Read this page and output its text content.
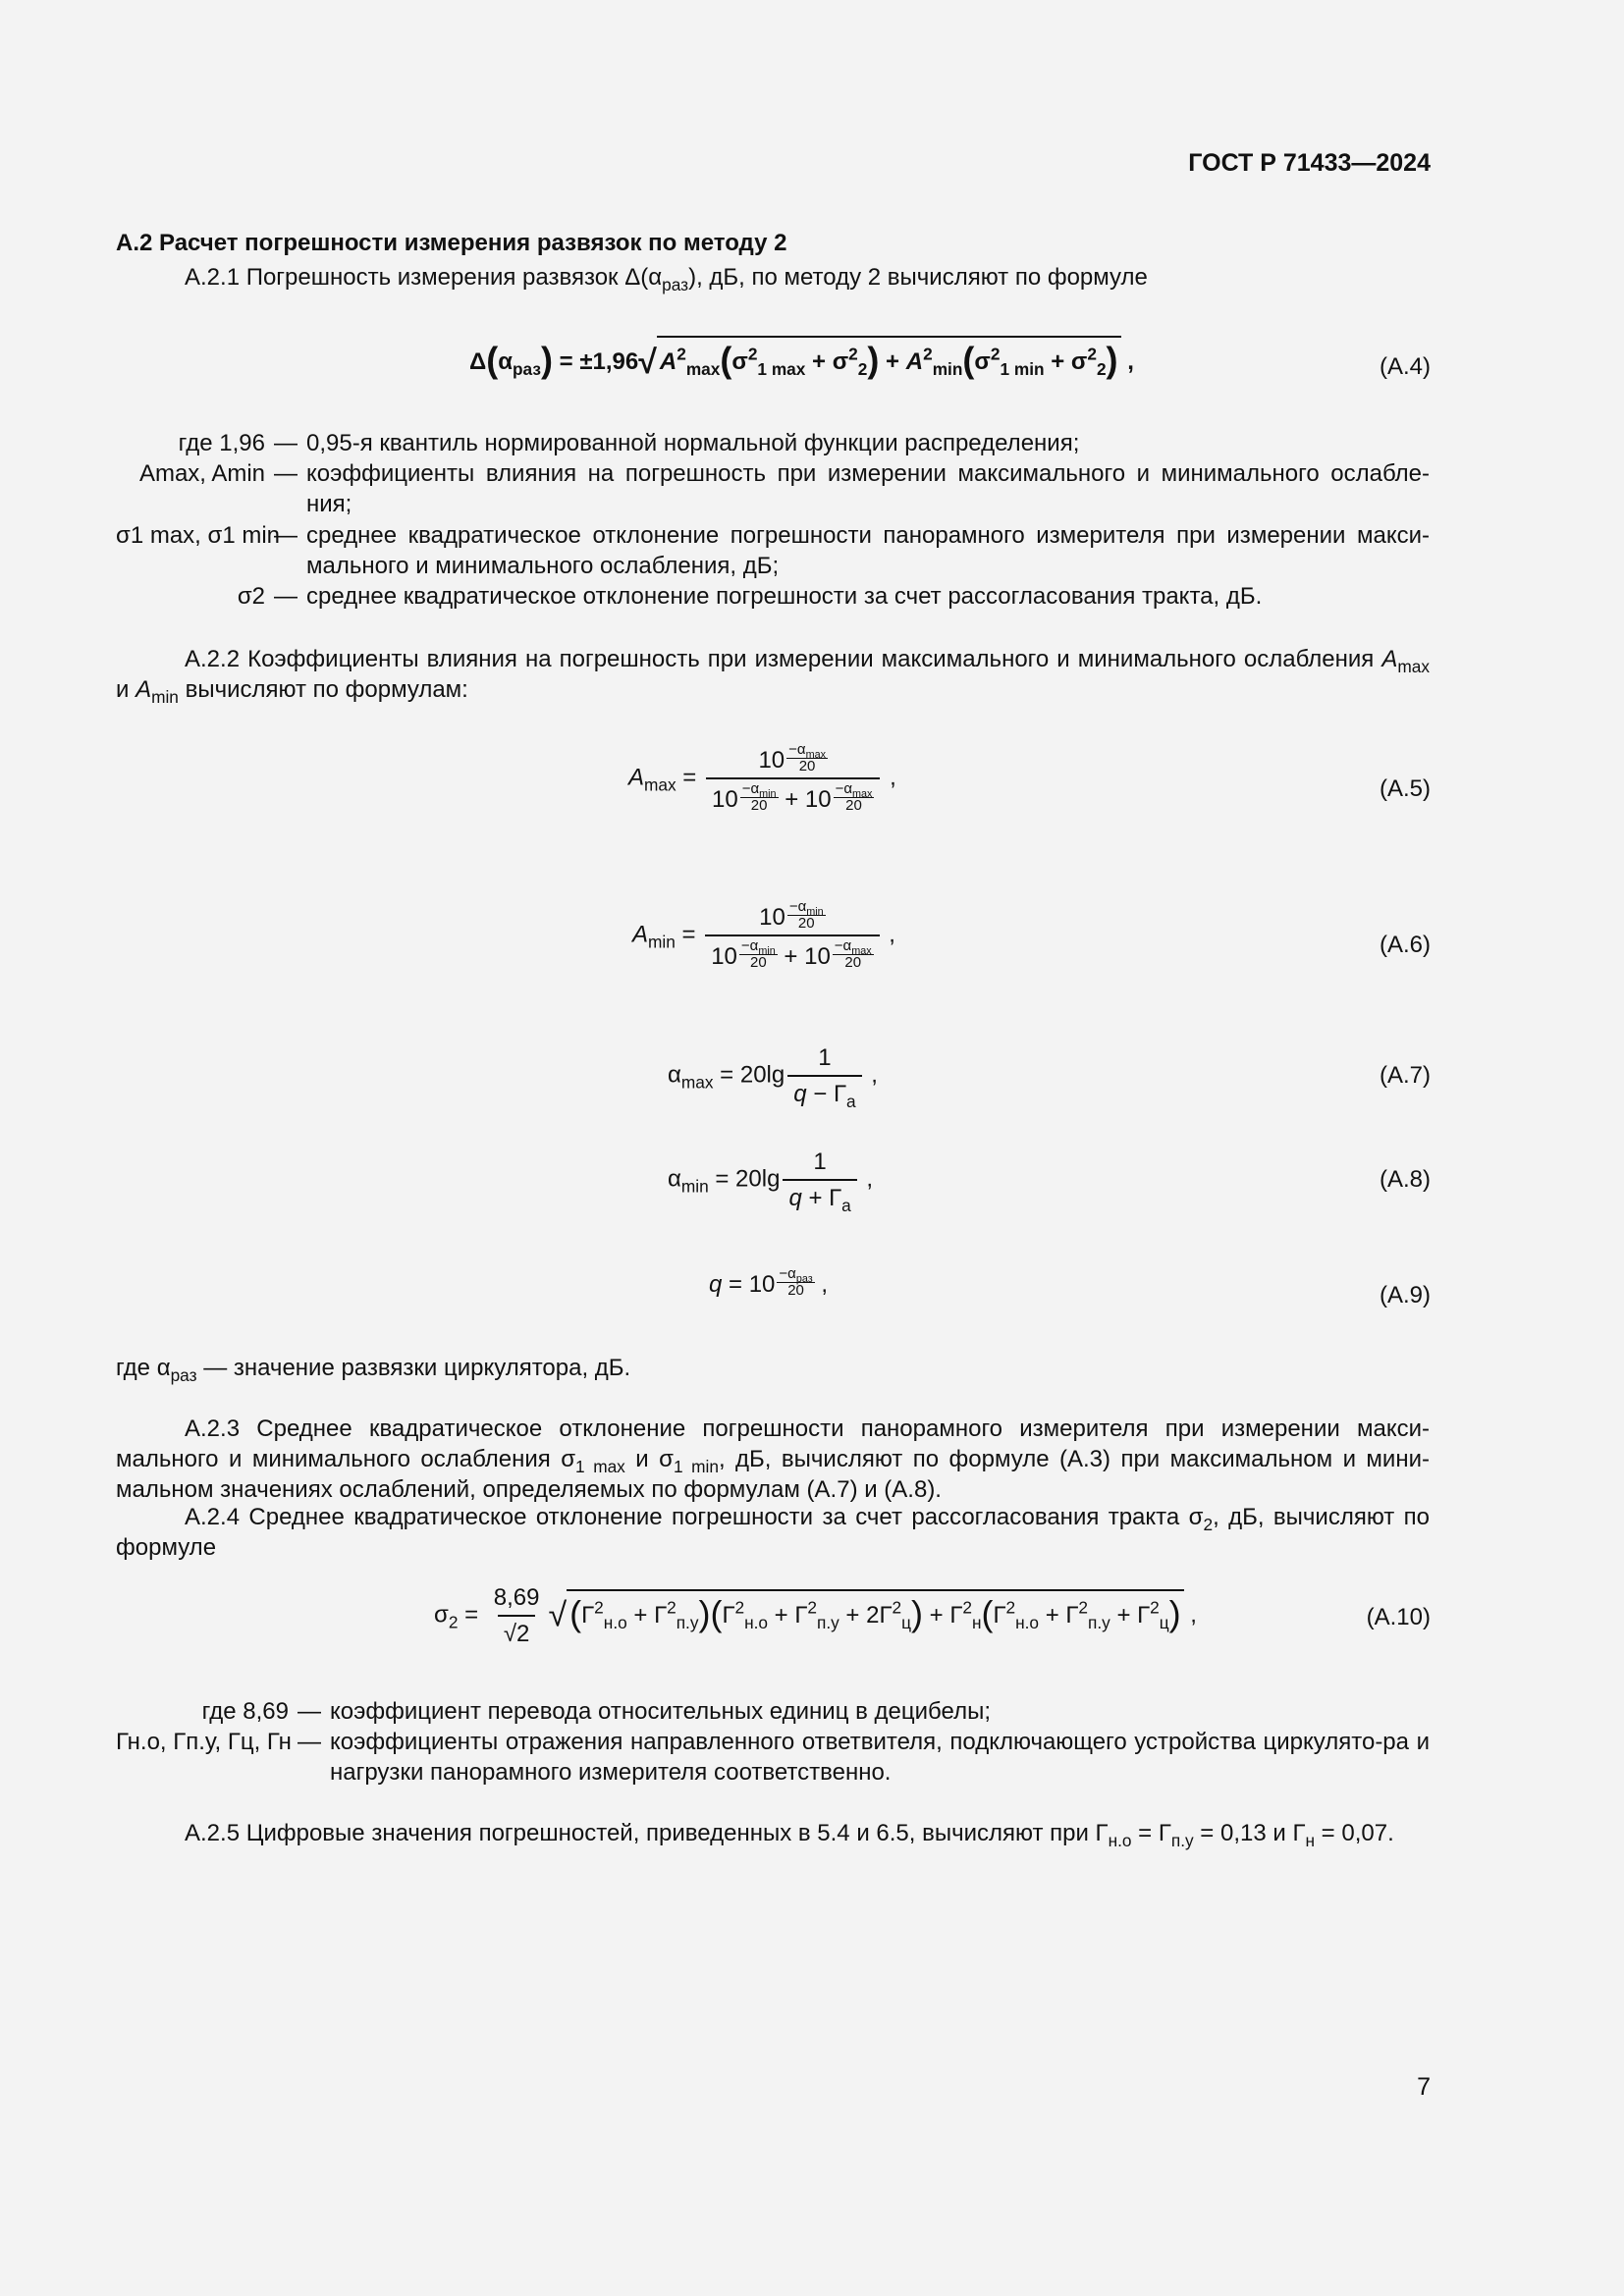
ГОСТ Р 71433—2024
А.2 Расчет погрешности измерения развязок по методу 2

А.2.1 Погрешность измерения развязок $\Delta(\alpha_{раз})$, дБ, по методу 2 вычисляют по формуле

$\Delta(\alpha_{раз}) = \pm 1,96√$ $A^2_{max}(\sigma^2_{1 max} + \sigma^2_2) + A^2_{min}(\sigma^2_{1 min} + \sigma^2_2)$ ,	(А.4)
где 1,96 — 0,95-я квантиль нормированной нормальной функции распределения;
Amax, Amin — коэффициенты влияния на погрешность при измерении максимального и минимального ослабле-ния;
σ1 max, σ1 min
— среднее квадратическое отклонение погрешности панорамного измерителя при измерении макси-мального и минимального ослабления, дБ;
σ2 — среднее квадратическое отклонение погрешности за счет рассогласования тракта, дБ.

А.2.2 Коэффициенты влияния на погрешность при измерении максимального и минимального ослабления $A_{max}$ и $A_{min}$ вычисляют по формулам:

$A_{max} = 10 -\alpha_{max}$
20
$10 -\alpha_{min}$
$20 + 10 -\alpha_{max}$
20 ,	(А.5)
$A_{min} = 10 -\alpha_{min}$
20
$10 -\alpha_{min}$
$20 + 10 -\alpha_{max}$
20 ,	(А.6)
$\alpha_{max} = 20\lg \frac{1}{q - Г_а}$ ,	(А.7)
$\alpha_{min} = 20\lg \frac{1}{q + Г_а}$ ,	(А.8)
$q = 10 -\alpha_{раз}$
20 ,	(А.9)

где $\alpha_{раз}$ — значение развязки циркулятора, дБ.

А.2.3 Среднее квадратическое отклонение погрешности панорамного измерителя при измерении макси-мального и минимального ослабления $\sigma_{1 max}$ и $\sigma_{1 min}$, дБ, вычисляют по формуле (А.3) при максимальном и мини-мальном значениях ослаблений, определяемых по формулам (А.7) и (А.8).

А.2.4 Среднее квадратическое отклонение погрешности за счет рассогласования тракта $\sigma_2$, дБ, вычисляют по формуле

$\sigma_2 = \frac{8,69}{√2} √(Г^2_{н.о} + Г^2_{п.у})(Г^2_{н.о} + Г^2_{п.у} + 2Г^2_ц) + Г^2_н(Г^2_{н.о} + Г^2_{п.у} + Г^2_ц)$ ,	(А.10)
где 8,69 — коэффициент перевода относительных единиц в децибелы;
Гн.о, Гп.у, Гц, Гн — коэффициенты отражения направленного ответвителя, подключающего устройства циркулято-ра и нагрузки панорамного измерителя соответственно.

А.2.5 Цифровые значения погрешностей, приведенных в 5.4 и 6.5, вычисляют при $Г_{н.о} = Г_{п.у} = 0,13$ и $Г_н = 0,07$.

7
